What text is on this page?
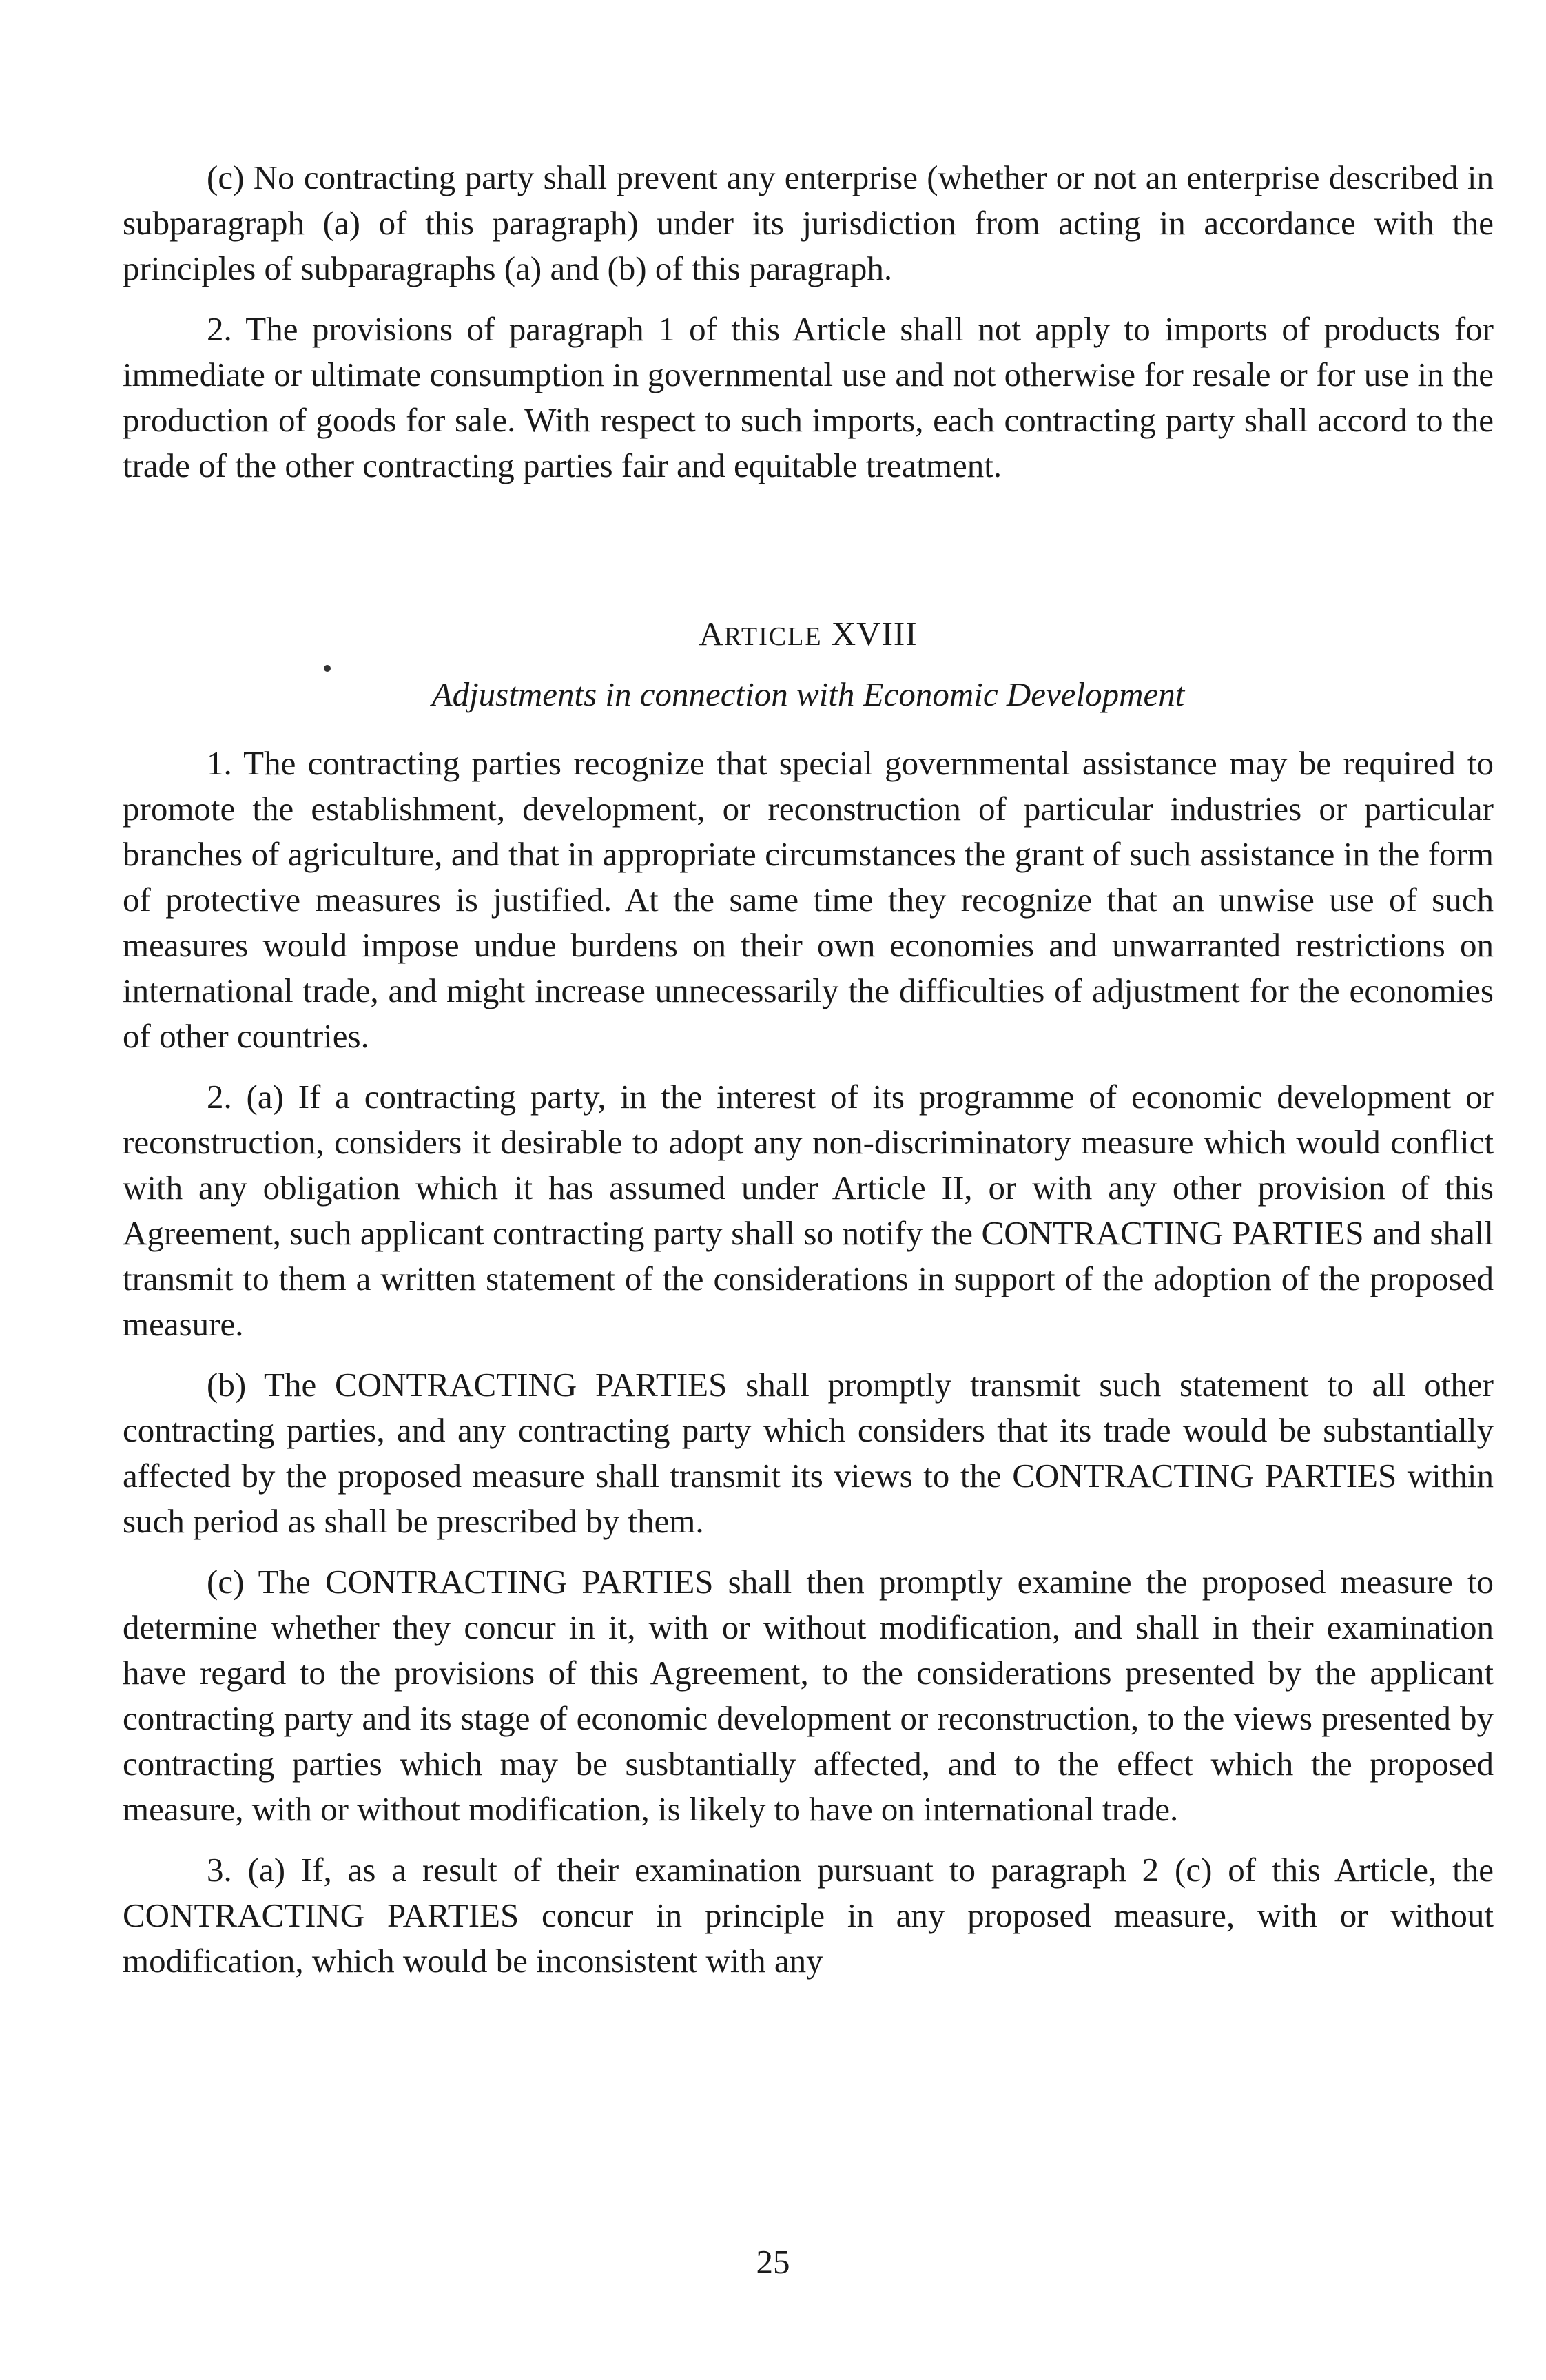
(c) No contracting party shall prevent any enterprise (whether or not an enterprise described in subparagraph (a) of this paragraph) under its jurisdiction from acting in accordance with the principles of subparagraphs (a) and (b) of this paragraph.

2. The provisions of paragraph 1 of this Article shall not apply to imports of products for immediate or ultimate consumption in governmental use and not otherwise for resale or for use in the production of goods for sale. With respect to such imports, each contracting party shall accord to the trade of the other contracting parties fair and equitable treatment.

ARTICLE XVIII
Adjustments in connection with Economic Development

1. The contracting parties recognize that special governmental assistance may be required to promote the establishment, development, or reconstruction of particular industries or particular branches of agriculture, and that in appropriate circumstances the grant of such assistance in the form of protective measures is justified. At the same time they recognize that an unwise use of such measures would impose undue burdens on their own economies and unwarranted restrictions on international trade, and might increase unnecessarily the difficulties of adjustment for the economies of other countries.

2. (a) If a contracting party, in the interest of its programme of economic development or reconstruction, considers it desirable to adopt any non-discriminatory measure which would conflict with any obligation which it has assumed under Article II, or with any other provision of this Agreement, such applicant contracting party shall so notify the CONTRACTING PARTIES and shall transmit to them a written statement of the considerations in support of the adoption of the proposed measure.

(b) The CONTRACTING PARTIES shall promptly transmit such statement to all other contracting parties, and any contracting party which considers that its trade would be substantially affected by the proposed measure shall transmit its views to the CONTRACTING PARTIES within such period as shall be prescribed by them.

(c) The CONTRACTING PARTIES shall then promptly examine the proposed measure to determine whether they concur in it, with or without modification, and shall in their examination have regard to the provisions of this Agreement, to the considerations presented by the applicant contracting party and its stage of economic development or reconstruction, to the views presented by contracting parties which may be susbtantially affected, and to the effect which the proposed measure, with or without modification, is likely to have on international trade.

3. (a) If, as a result of their examination pursuant to paragraph 2 (c) of this Article, the CONTRACTING PARTIES concur in principle in any proposed measure, with or without modification, which would be inconsistent with any

25
